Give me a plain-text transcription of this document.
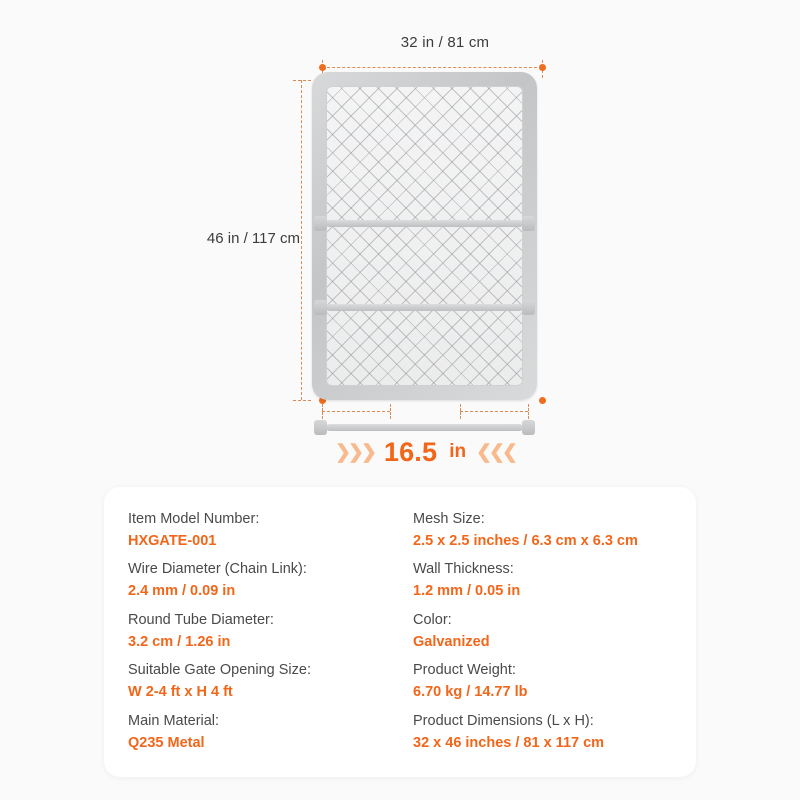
32 in / 81 cm
46 in / 117 cm
❯❯❯ 16.5 in ❮❮❮
Item Model Number:
HXGATE-001
Mesh Size:
2.5 x 2.5 inches / 6.3 cm x 6.3 cm
Wire Diameter (Chain Link):
2.4 mm / 0.09 in
Wall Thickness:
1.2 mm / 0.05 in
Round Tube Diameter:
3.2 cm / 1.26 in
Color:
Galvanized
Suitable Gate Opening Size:
W 2-4 ft x H 4 ft
Product Weight:
6.70 kg / 14.77 lb
Main Material:
Q235 Metal
Product Dimensions (L x H):
32 x 46 inches / 81 x 117 cm
